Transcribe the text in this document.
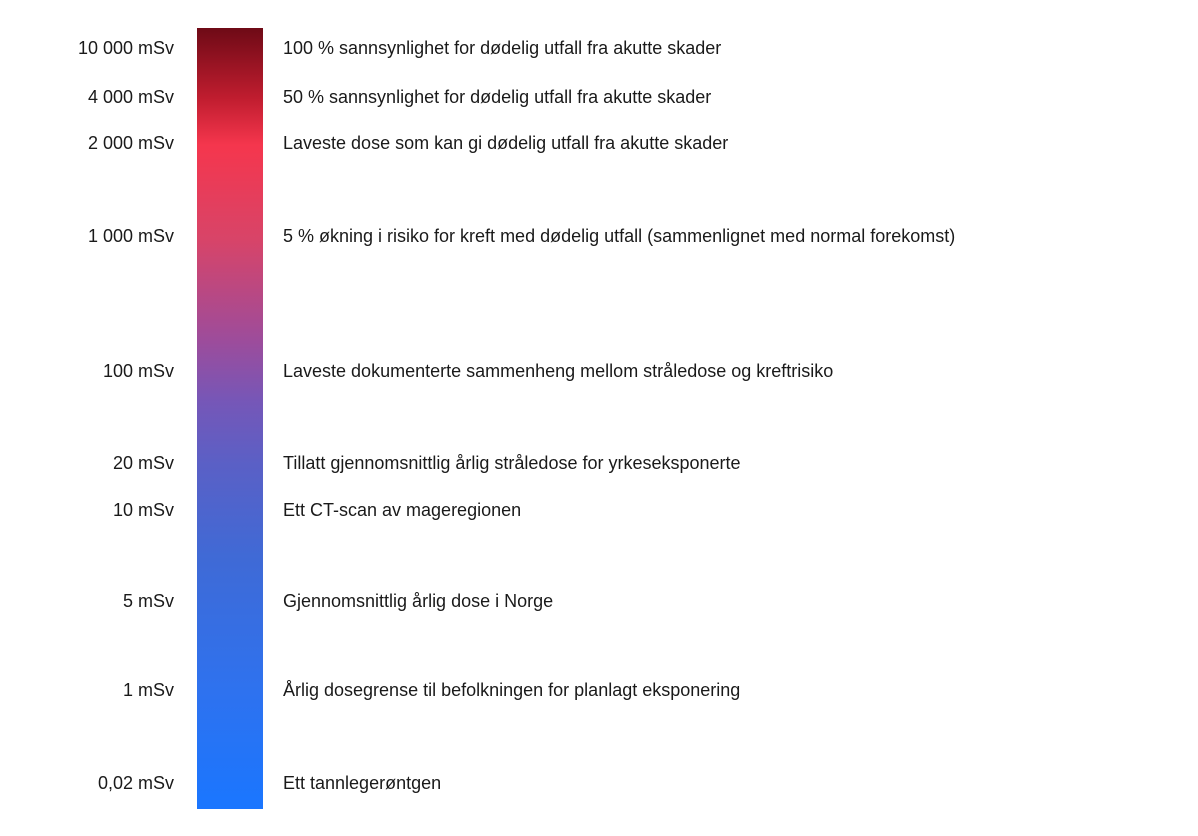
10 000 mSv	100 % sannsynlighet for dødelig utfall fra akutte skader
4 000 mSv	50 % sannsynlighet for dødelig utfall fra akutte skader
2 000 mSv	Laveste dose som kan gi dødelig utfall fra akutte skader
1 000 mSv	5 % økning i risiko for kreft med dødelig utfall (sammenlignet med normal forekomst)
100 mSv	Laveste dokumenterte sammenheng mellom stråledose og kreftrisiko
20 mSv	Tillatt gjennomsnittlig årlig stråledose for yrkeseksponerte
10 mSv	Ett CT-scan av mageregionen
5 mSv	Gjennomsnittlig årlig dose i Norge
1 mSv	Årlig dosegrense til befolkningen for planlagt eksponering
0,02 mSv	Ett tannlegerøntgen
